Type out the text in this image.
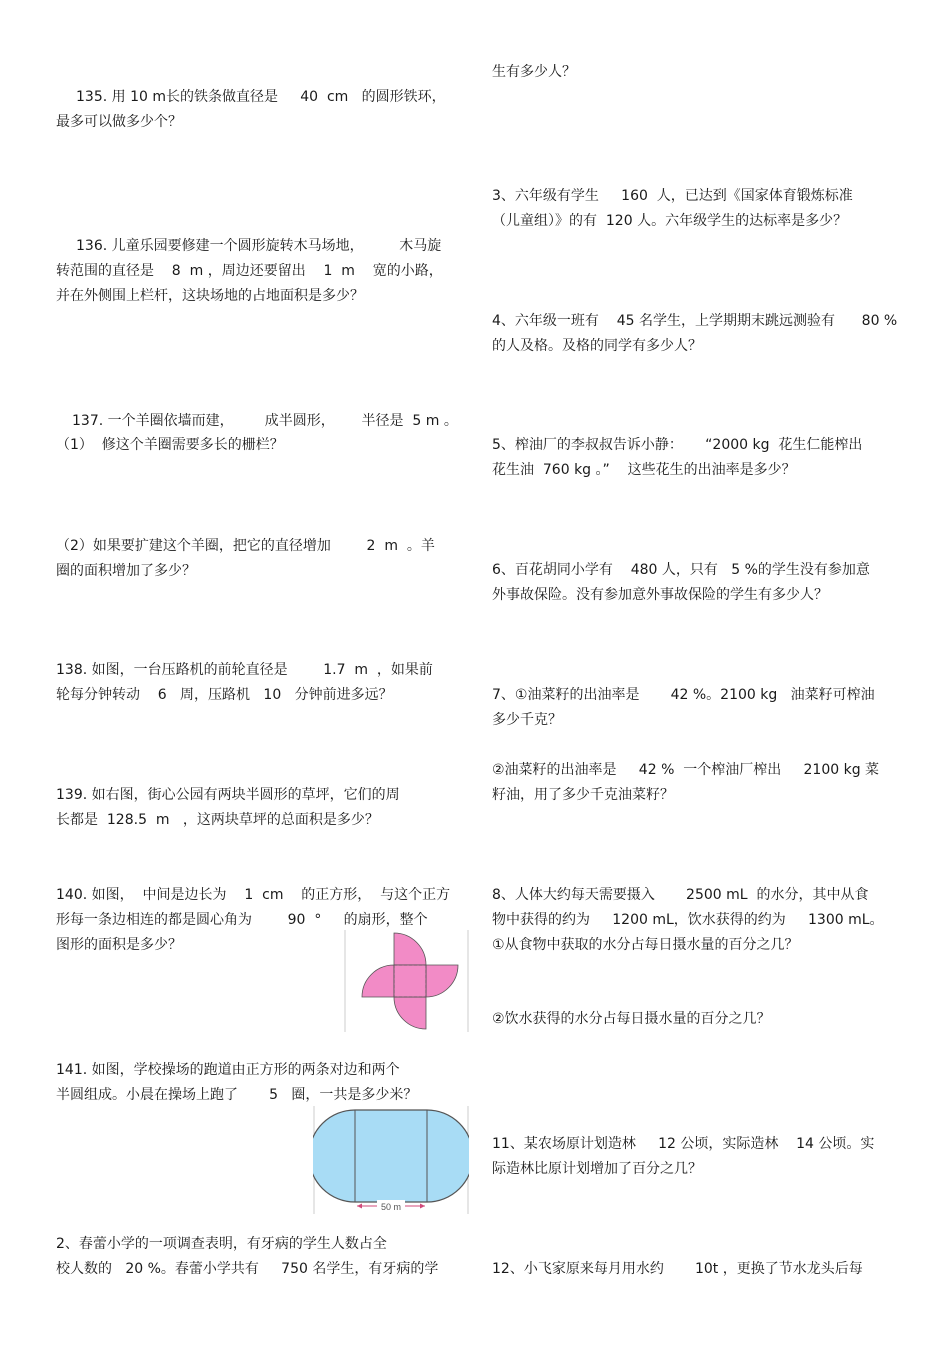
135. 用 10 m长的铁条做直径是     40  cm   的圆形铁环，
最多可以做多少个？
136. 儿童乐园要修建一个圆形旋转木马场地，        木马旋
转范围的直径是    8  m ，周边还要留出    1  m    宽的小路，
并在外侧围上栏杆，这块场地的占地面积是多少？
137. 一个羊圈依墙而建，       成半圆形，      半径是  5 m 。
（1）  修这个羊圈需要多长的栅栏？
（2）如果要扩建这个羊圈，把它的直径增加        2  m  。羊
圈的面积增加了多少？
138. 如图，一台压路机的前轮直径是        1.7  m  ，如果前
轮每分钟转动    6   周，压路机   10   分钟前进多远？
139. 如右图，街心公园有两块半圆形的草坪，它们的周
长都是  128.5  m   ，这两块草坪的总面积是多少？
140. 如图，  中间是边长为    1  cm    的正方形，  与这个正方
形每一条边相连的都是圆心角为        90  °     的扇形，整个
图形的面积是多少？
141. 如图，学校操场的跑道由正方形的两条对边和两个
半圆组成。小晨在操场上跑了       5   圈，一共是多少米？
50 m
2、春蕾小学的一项调查表明，有牙病的学生人数占全
校人数的   20 %。春蕾小学共有     750 名学生，有牙病的学
生有多少人？
3、六年级有学生     160  人，已达到《国家体育锻炼标准
（儿童组）》的有  120 人。六年级学生的达标率是多少？
4、六年级一班有    45 名学生，上学期期末跳远测验有      80 %
的人及格。及格的同学有多少人？
5、榨油厂的李叔叔告诉小静：     “2000 kg  花生仁能榨出
花生油  760 kg 。”    这些花生的出油率是多少？
6、百花胡同小学有    480 人，只有   5 %的学生没有参加意
外事故保险。没有参加意外事故保险的学生有多少人？
7、①油菜籽的出油率是       42 %。2100 kg   油菜籽可榨油
多少千克？
②油菜籽的出油率是     42 %  一个榨油厂榨出     2100 kg 菜
籽油，用了多少千克油菜籽？
8、人体大约每天需要摄入       2500 mL  的水分，其中从食
物中获得的约为     1200 mL，饮水获得的约为     1300 mL。
①从食物中获取的水分占每日摄水量的百分之几？
②饮水获得的水分占每日摄水量的百分之几？
11、某农场原计划造林     12 公顷，实际造林    14 公顷。实
际造林比原计划增加了百分之几？
12、小飞家原来每月用水约       10t ，更换了节水龙头后每
